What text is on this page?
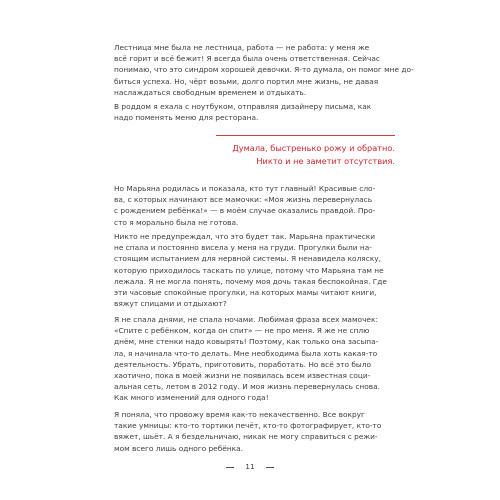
Лестница мне была не лестница, работа — не работа: у меня же
всё горит и всё бежит! Я всегда была очень ответственная. Сейчас
понимаю, что это синдром хорошей девочки. Я-то думала, он помог мне до-
биться успеха. Но, чёрт возьми, долго портил мне жизнь, не давая
наслаждаться свободным временем и отдыхать.
В роддом я ехала с ноутбуком, отправляя дизайнеру письма, как
надо поменять меню для ресторана.
Думала, быстренько рожу и обратно.
Никто и не заметит отсутствия.
Но Марьяна родилась и показала, кто тут главный! Красивые сло-
ва, с которых начинают все мамочки: «Моя жизнь перевернулась
с рождением ребёнка!» — в моём случае оказались правдой. Про-
сто я морально была не готова.
Никто не предупреждал, что это будет так. Марьяна практически
не спала и постоянно висела у меня на груди. Прогулки были на-
стоящим испытанием для нервной системы. Я ненавидела коляску,
которую приходилось таскать по улице, потому что Марьяна там не
лежала. Я не могла понять, почему моя дочь такая беспокойная. Где
эти часовые спокойные прогулки, на которых мамы читают книги,
вяжут спицами и отдыхают?
Я не спала днями, не спала ночами. Любимая фраза всех мамочек:
«Спите с ребёнком, когда он спит» — не про меня. Я же не сплю
днём, мне стенки надо ковырять! Поэтому, как только она засыпа-
ла, я начинала что-то делать. Мне необходима была хоть какая-то
деятельность. Убрать, приготовить, поработать. Но всё это было
хаотично, пока в моей жизни не появилась всем известная соци-
альная сеть, летом в 2012 году. И моя жизнь перевернулась снова.
Как много изменений для одного года!
Я поняла, что провожу время как-то некачественно. Все вокруг
такие умницы: кто-то тортики печёт, кто-то фотографирует, кто-то
вяжет, шьёт. А я бездельничаю, никак не могу справиться с режи-
мом всего лишь одного ребёнка.
11
